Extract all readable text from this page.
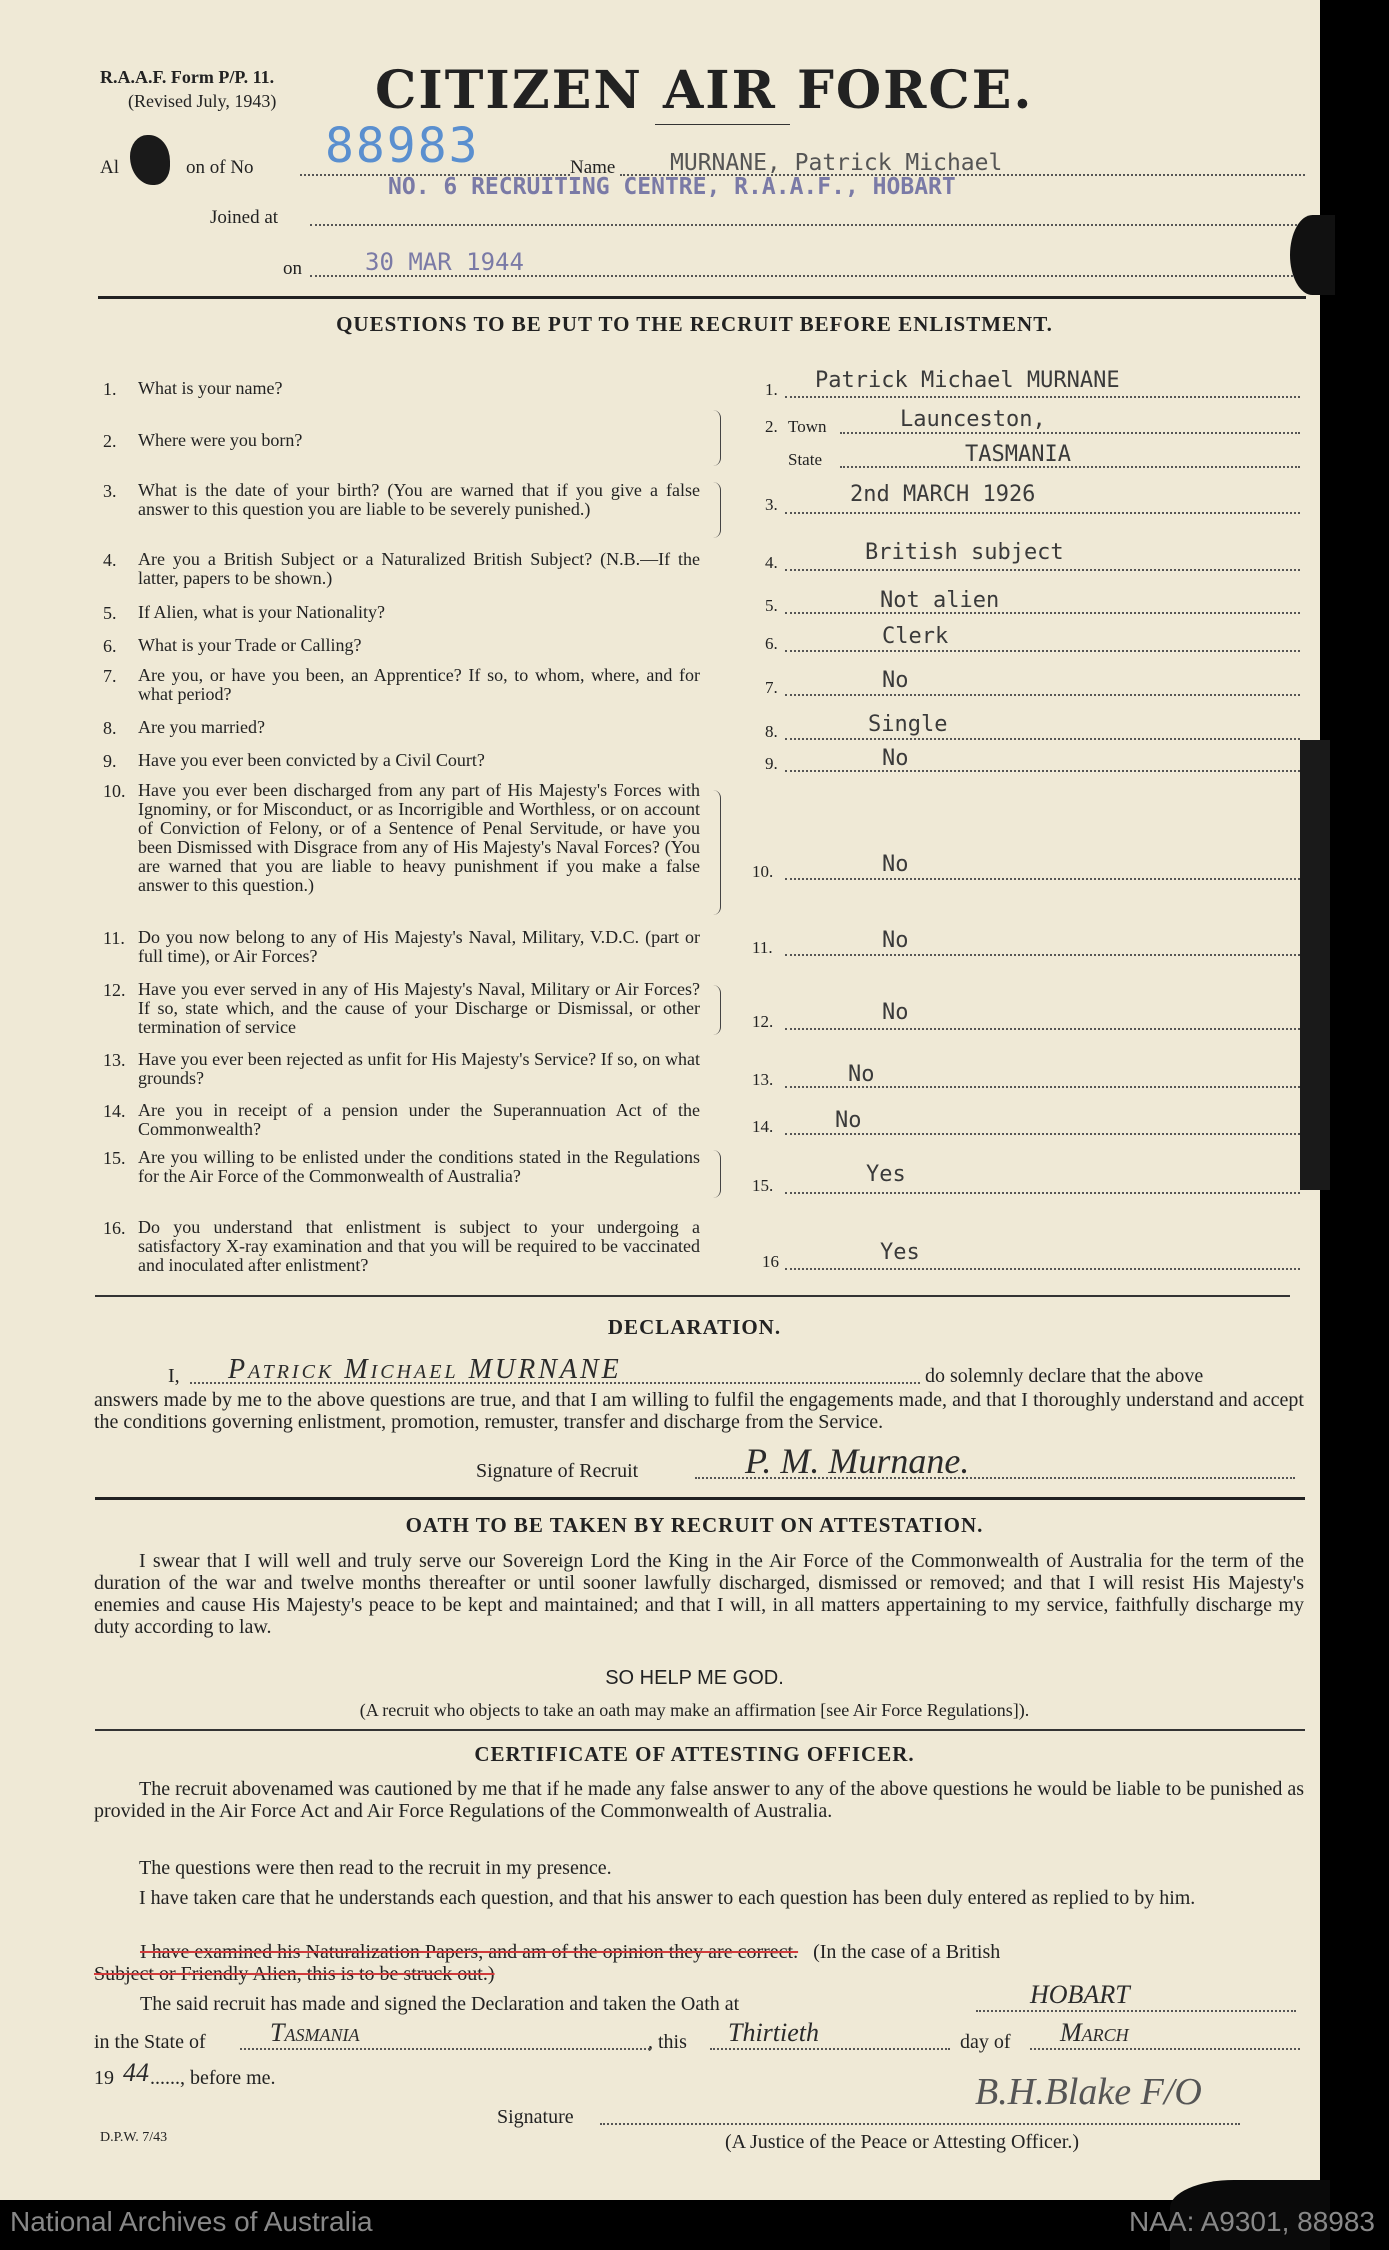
R.A.A.F. Form P/P. 11.
(Revised July, 1943) CITIZEN AIR FORCE.
Al	on of No 88983	Name MURNANE, Patrick Michael
Joined at
NO. 6 RECRUITING CENTRE, R.A.A.F., HOBART
on	30 MAR 1944
QUESTIONS TO BE PUT TO THE RECRUIT BEFORE ENLISTMENT.
1. What is your name?	1. Patrick Michael MURNANE
2. Where were you born?
2. Town	Launceston,
State	TASMANIA
3. What is the date of your birth? (You are warned that if you give a false answer to this question you are liable to be severely punished.)	3.	2nd MARCH 1926
4. Are you a British Subject or a Naturalized British Subject? (N.B.—If the latter, papers to be shown.)
4.	British subject
5. If Alien, what is your Nationality?	5.	Not alien
6. What is your Trade or Calling?	6.	Clerk
7. Are you, or have you been, an Apprentice? If so, to whom, where, and for what period?	7.	No
8. Are you married?	8.	Single
9. Have you ever been convicted by a Civil Court?	9.	No
10. Have you ever been discharged from any part of His Majesty's Forces with Ignominy, or for Misconduct, or as Incorrigible and Worthless, or on account of Conviction of Felony, or of a Sentence of Penal Servitude, or have you been Dismissed with Disgrace from any of His Majesty's Naval Forces? (You are warned that you are liable to heavy punishment if you make a false answer to this question.)
10.	No
11. Do you now belong to any of His Majesty's Naval, Military, V.D.C. (part or full time), or Air Forces?	11.	No
12. Have you ever served in any of His Majesty's Naval, Military or Air Forces? If so, state which, and the cause of your Discharge or Dismissal, or other termination of service	12.	No
13. Have you ever been rejected as unfit for His Majesty's Service? If so, on what grounds?	13.	No
14. Are you in receipt of a pension under the Superannuation Act of the Commonwealth?	14.	No
15. Are you willing to be enlisted under the conditions stated in the Regulations for the Air Force of the Commonwealth of Australia?	15.	Yes
16. Do you understand that enlistment is subject to your undergoing a satisfactory X-ray examination and that you will be required to be vaccinated and inoculated after enlistment?	16	Yes
DECLARATION.
I, Patrick Michael MURNANE	do solemnly declare that the above
answers made by me to the above questions are true, and that I am willing to fulfil the engagements made, and that I thoroughly understand and accept the conditions governing enlistment, promotion, remuster, transfer and discharge from the Service.
Signature of Recruit	P. M. Murnane.
OATH TO BE TAKEN BY RECRUIT ON ATTESTATION.
I swear that I will well and truly serve our Sovereign Lord the King in the Air Force of the Commonwealth of Australia for the term of the duration of the war and twelve months thereafter or until sooner lawfully discharged, dismissed or removed; and that I will resist His Majesty's enemies and cause His Majesty's peace to be kept and maintained; and that I will, in all matters appertaining to my service, faithfully discharge my duty according to law.
SO HELP ME GOD.
(A recruit who objects to take an oath may make an affirmation [see Air Force Regulations]).
CERTIFICATE OF ATTESTING OFFICER.
The recruit abovenamed was cautioned by me that if he made any false answer to any of the above questions he would be liable to be punished as provided in the Air Force Act and Air Force Regulations of the Commonwealth of Australia.
The questions were then read to the recruit in my presence.
I have taken care that he understands each question, and that his answer to each question has been duly entered as replied to by him.
I have examined his Naturalization Papers, and am of the opinion they are correct. (In the case of a British
Subject or Friendly Alien, this is to be struck out.)
The said recruit has made and signed the Declaration and taken the Oath at	HOBART
in the State of Tasmania	, this Thirtieth	day of March
19 44 ......, before me.
Signature
B.H.Blake F/O
D.P.W. 7/43	(A Justice of the Peace or Attesting Officer.)
National Archives of Australia	NAA: A9301, 88983
